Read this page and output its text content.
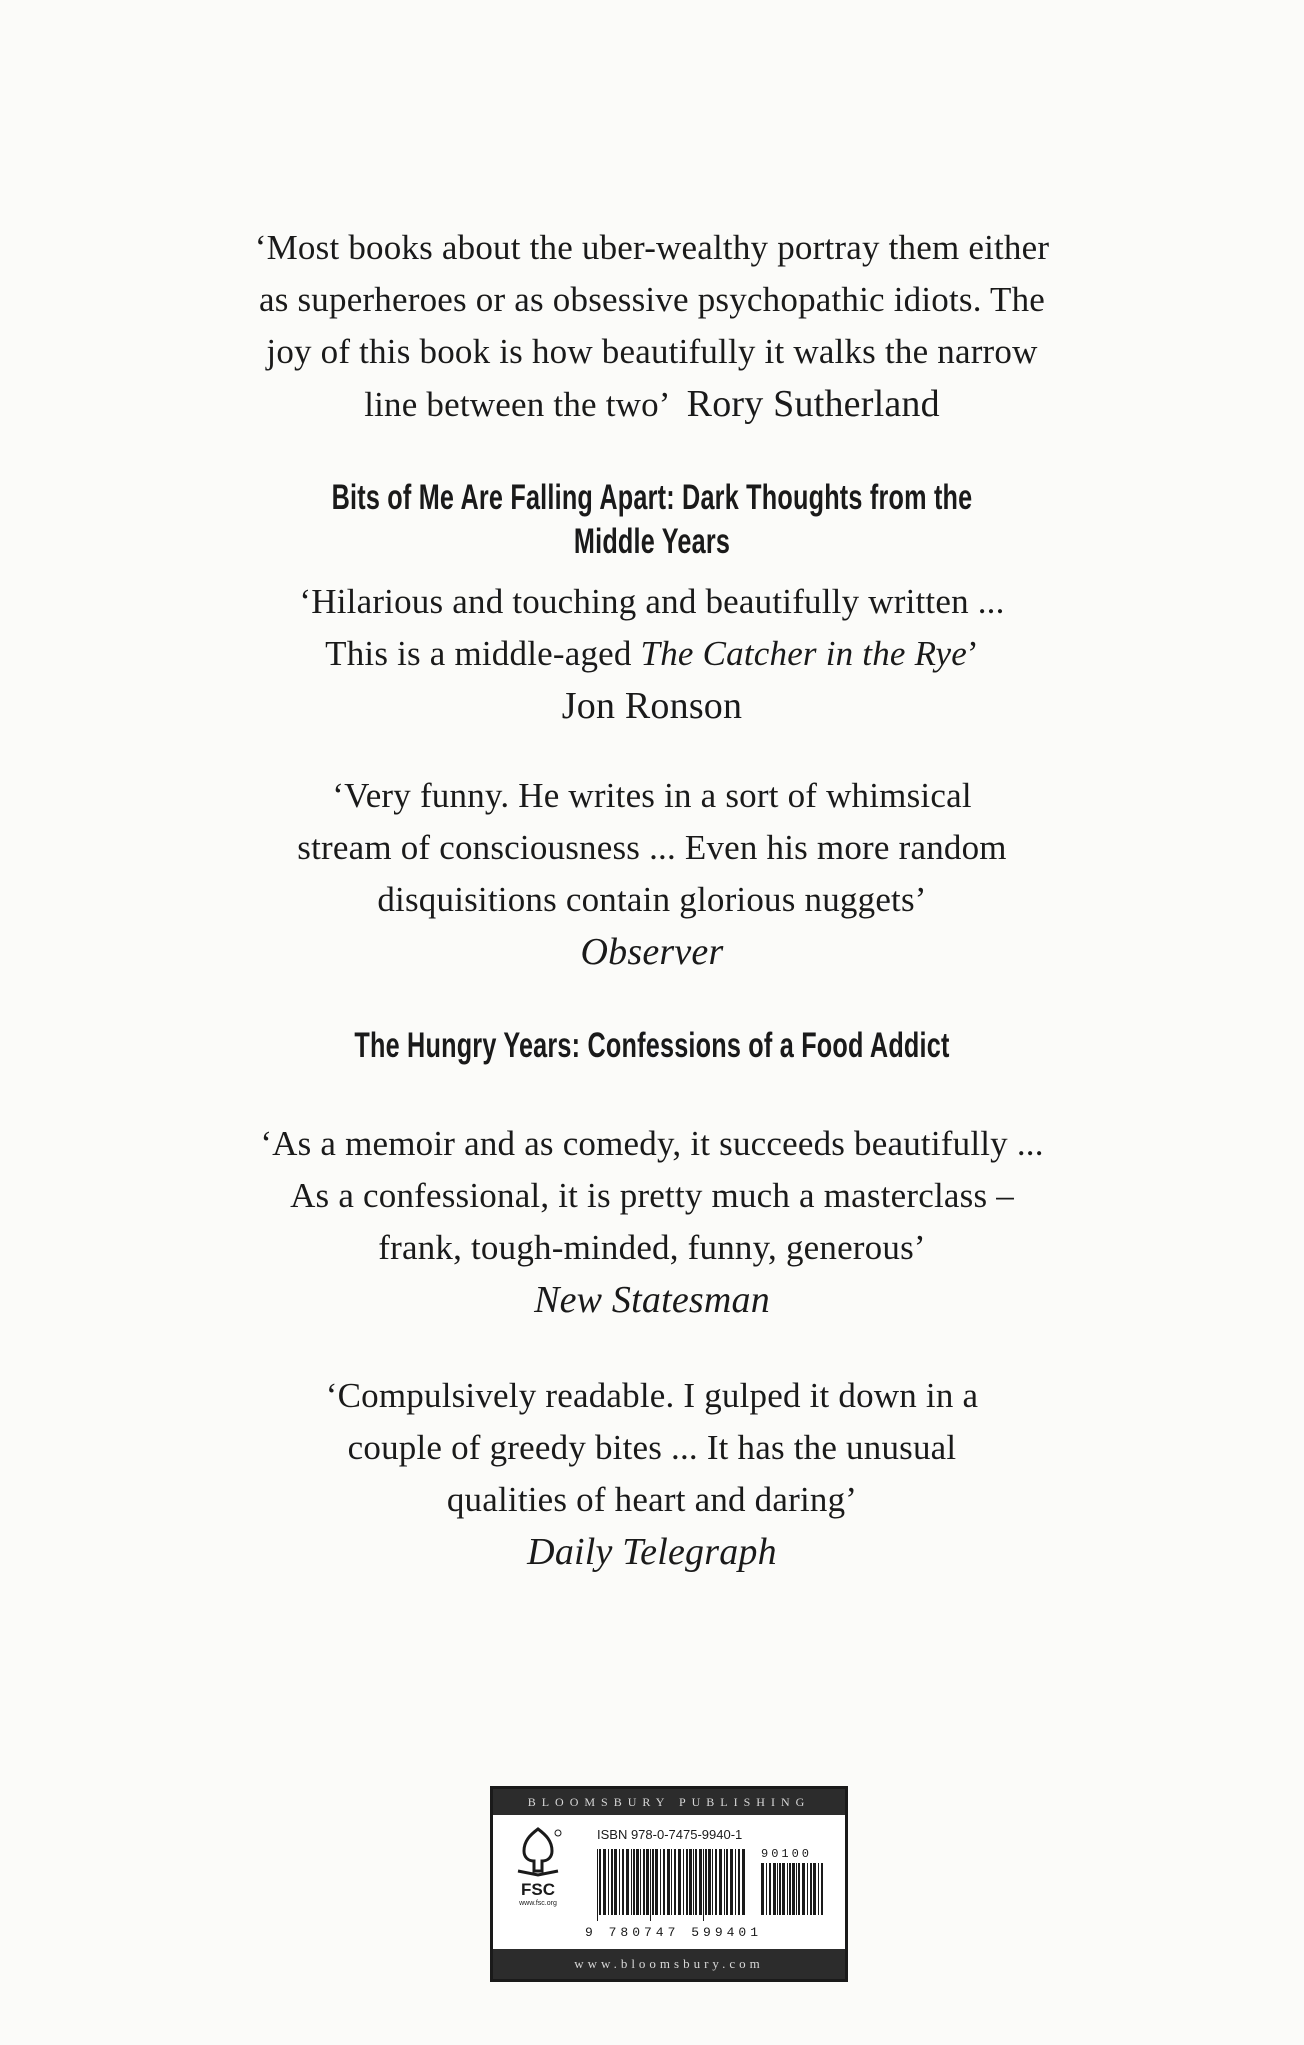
‘Most books about the uber-wealthy portray them either

as superheroes or as obsessive psychopathic idiots. The

joy of this book is how beautifully it walks the narrow

line between the two’ Rory Sutherland

Bits of Me Are Falling Apart: Dark Thoughts from the Middle Years

‘Hilarious and touching and beautifully written ...

This is a middle-aged The Catcher in the Rye’

Jon Ronson

‘Very funny. He writes in a sort of whimsical

stream of consciousness ... Even his more random

disquisitions contain glorious nuggets’

Observer

The Hungry Years: Confessions of a Food Addict

‘As a memoir and as comedy, it succeeds beautifully ...

As a confessional, it is pretty much a masterclass –

frank, tough-minded, funny, generous’

New Statesman

‘Compulsively readable. I gulped it down in a

couple of greedy bites ... It has the unusual

qualities of heart and daring’

Daily Telegraph

BLOOMSBURY PUBLISHING
FSC
www.fsc.org
ISBN 978-0-7475-9940-1
90100
9 780747 599401
www.bloomsbury.com
